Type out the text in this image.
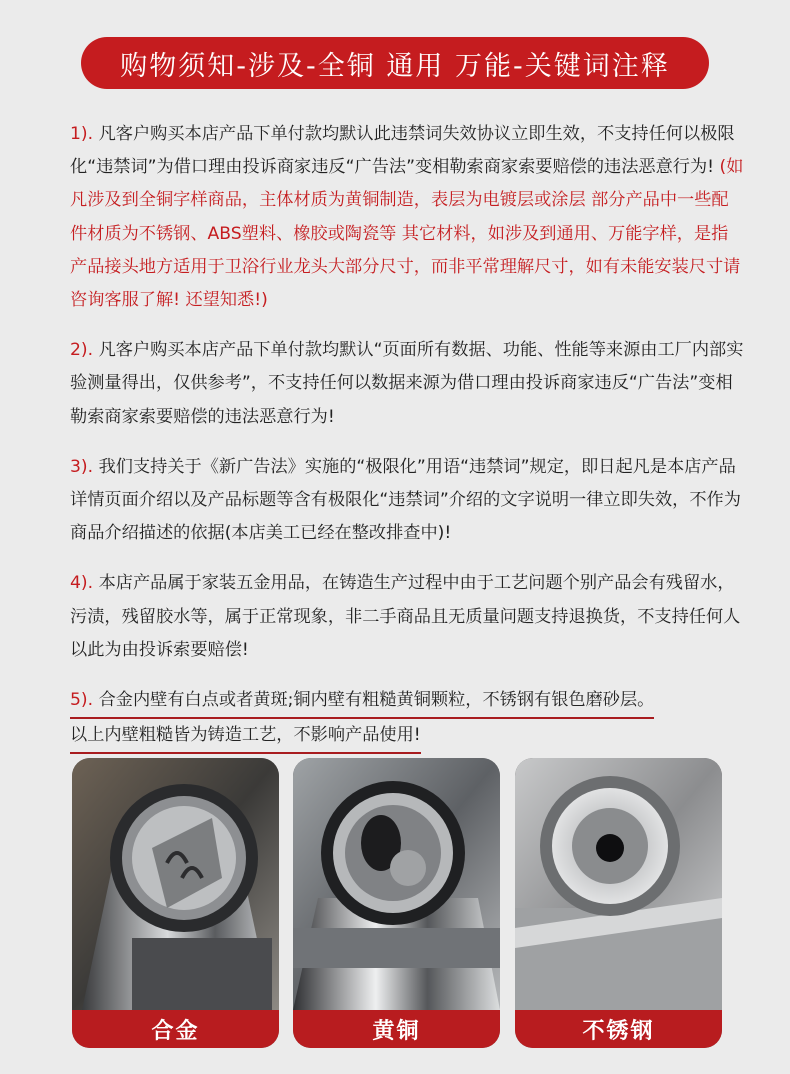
购物须知-涉及-全铜 通用 万能-关键词注释

1). 凡客户购买本店产品下单付款均默认此违禁词失效协议立即生效，不支持任何以极限化“违禁词”为借口理由投诉商家违反“广告法”变相勒索商家索要赔偿的违法恶意行为! (如凡涉及到全铜字样商品，主体材质为黄铜制造，表层为电镀层或涂层 部分产品中一些配件材质为不锈钢、ABS塑料、橡胶或陶瓷等 其它材料，如涉及到通用、万能字样，是指产品接头地方适用于卫浴行业龙头大部分尺寸，而非平常理解尺寸，如有未能安装尺寸请咨询客服了解! 还望知悉!)

2). 凡客户购买本店产品下单付款均默认“页面所有数据、功能、性能等来源由工厂内部实验测量得出，仅供参考”，不支持任何以数据来源为借口理由投诉商家违反“广告法”变相勒索商家索要赔偿的违法恶意行为!

3). 我们支持关于《新广告法》实施的“极限化”用语“违禁词”规定，即日起凡是本店产品详情页面介绍以及产品标题等含有极限化“违禁词”介绍的文字说明一律立即失效，不作为商品介绍描述的依据(本店美工已经在整改排查中)!

4). 本店产品属于家装五金用品，在铸造生产过程中由于工艺问题个别产品会有残留水，污渍，残留胶水等，属于正常现象，非二手商品且无质量问题支持退换货，不支持任何人以此为由投诉索要赔偿!

5). 合金内壁有白点或者黄斑;铜内壁有粗糙黄铜颗粒，不锈钢有银色磨砂层。
以上内壁粗糙皆为铸造工艺，不影响产品使用!
合金	黄铜	不锈钢
